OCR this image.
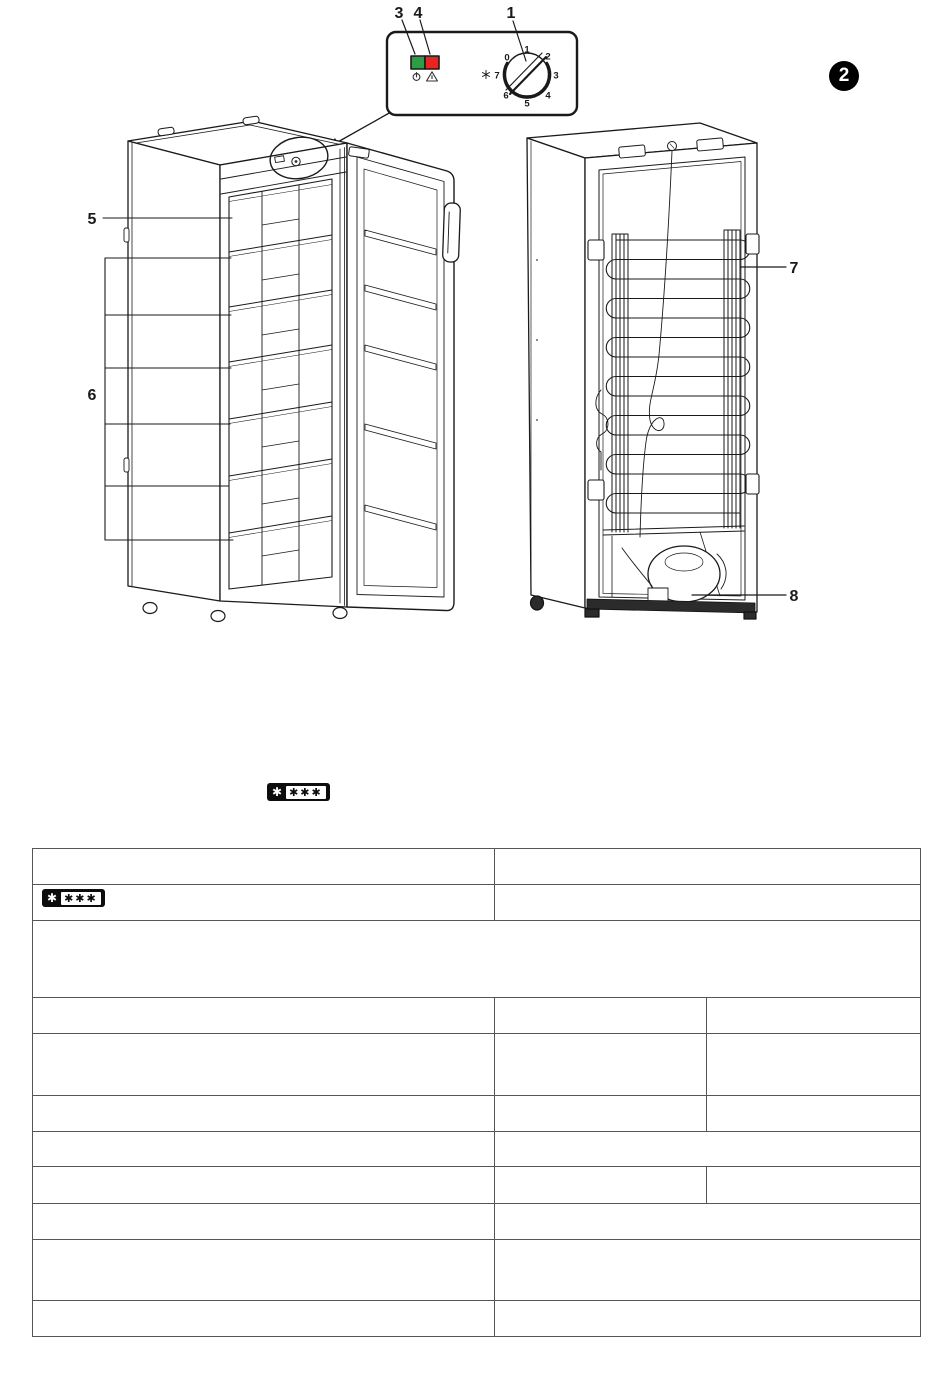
3 4	1
5
6
7
8
0
1
2
3
4
5
6
7	2
✱ ✱✱✱
✱ ✱✱✱
